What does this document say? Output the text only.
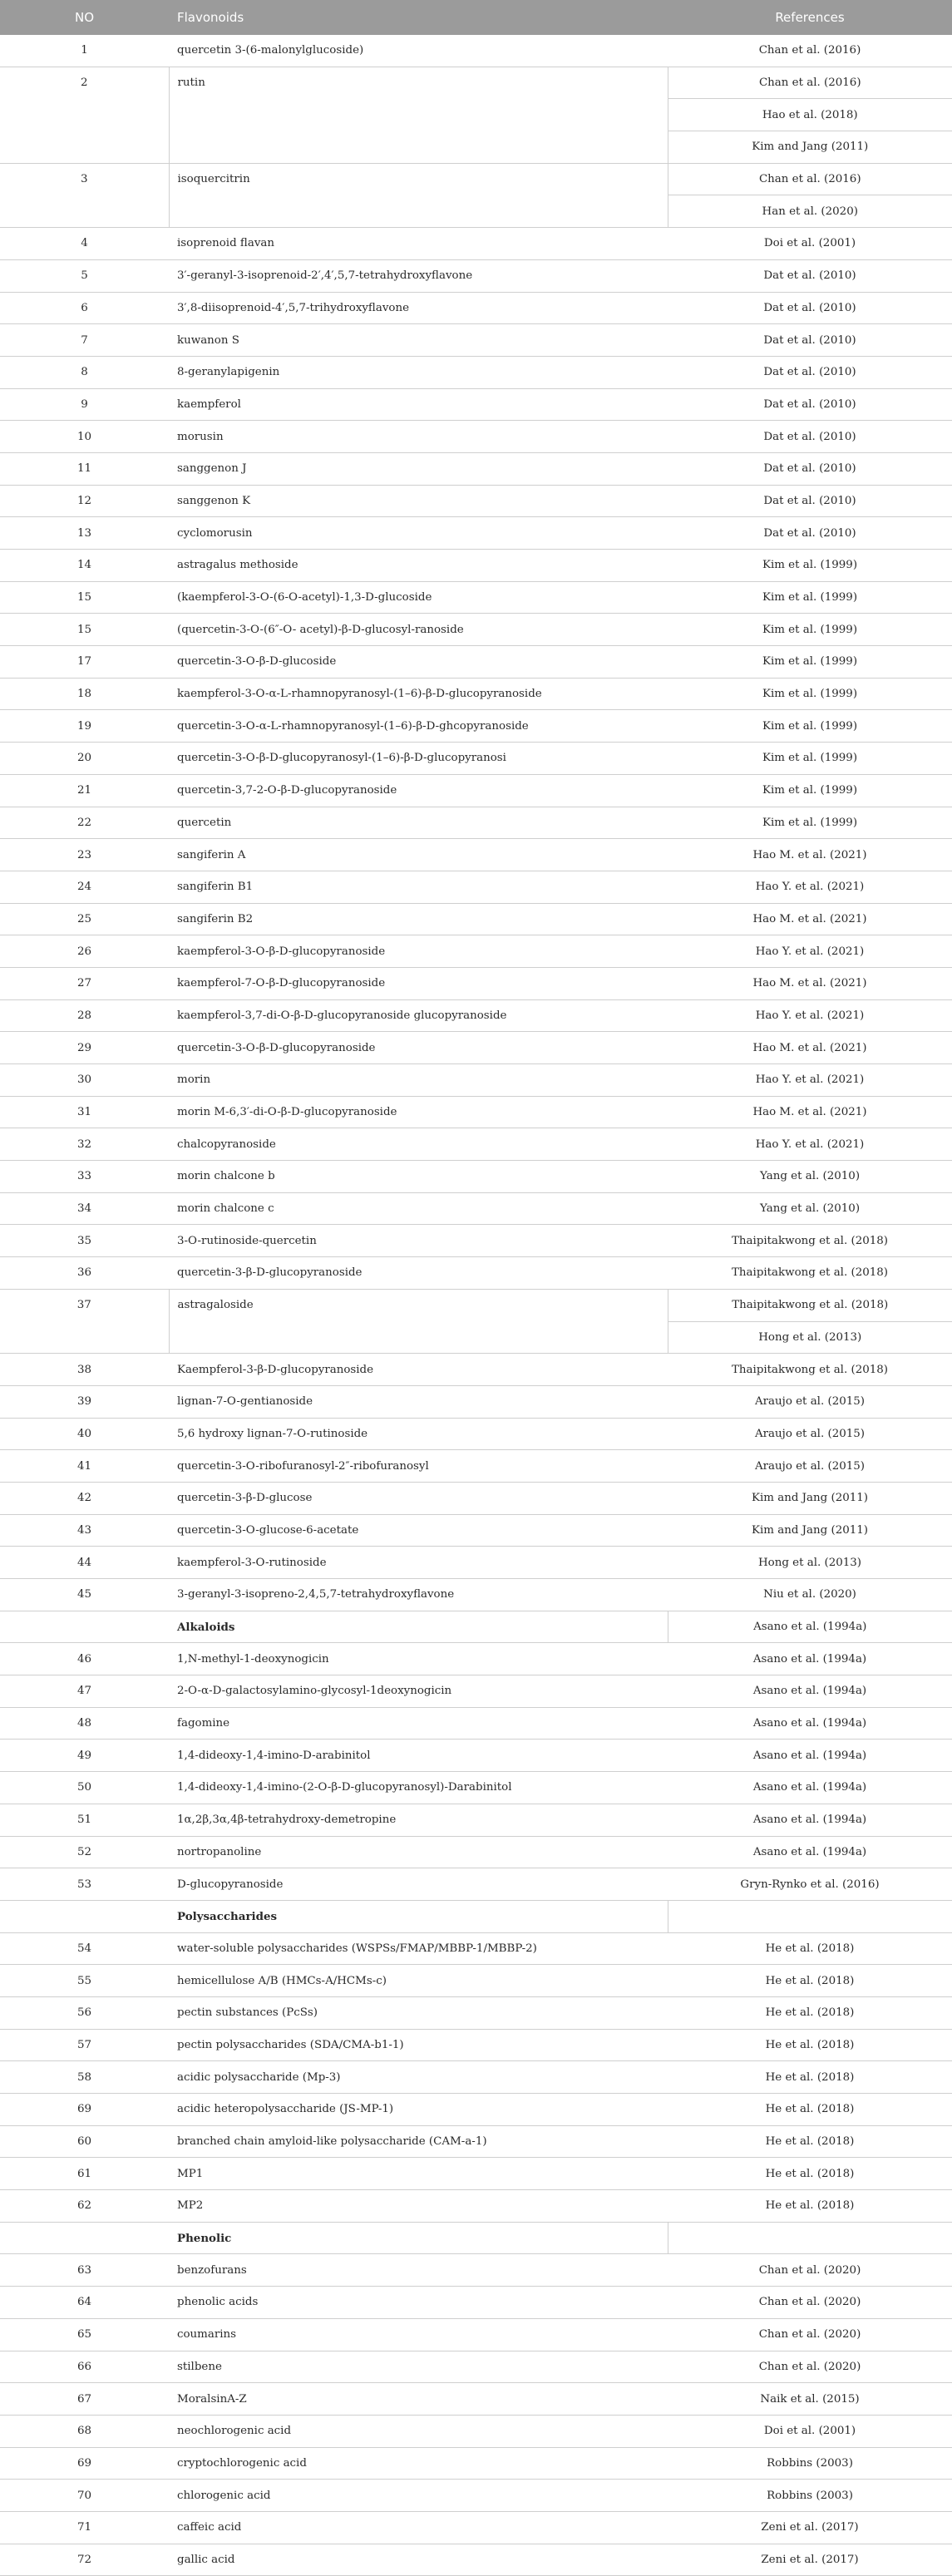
NO	Flavonoids	References
1	quercetin 3-(6-malonylglucoside)	Chan et al. (2016)
2	rutin	Chan et al. (2016)
		Hao et al. (2018)
		Kim and Jang (2011)
3	isoquercitrin	Chan et al. (2016)
		Han et al. (2020)
4	isoprenoid flavan	Doi et al. (2001)
5	3′-geranyl-3-isoprenoid-2′,4′,5,7-tetrahydroxyflavone	Dat et al. (2010)
6	3′,8-diisoprenoid-4′,5,7-trihydroxyflavone	Dat et al. (2010)
7	kuwanon S	Dat et al. (2010)
8	8-geranylapigenin	Dat et al. (2010)
9	kaempferol	Dat et al. (2010)
10	morusin	Dat et al. (2010)
11	sanggenon J	Dat et al. (2010)
12	sanggenon K	Dat et al. (2010)
13	cyclomorusin	Dat et al. (2010)
14	astragalus methoside	Kim et al. (1999)
15	(kaempferol-3-O-(6-O-acetyl)-1,3-D-glucoside	Kim et al. (1999)
15	(quercetin-3-O-(6″-O- acetyl)-β-D-glucosyl-ranoside	Kim et al. (1999)
17	quercetin-3-O-β-D-glucoside	Kim et al. (1999)
18	kaempferol-3-O-α-L-rhamnopyranosyl-(1–6)-β-D-glucopyranoside	Kim et al. (1999)
19	quercetin-3-O-α-L-rhamnopyranosyl-(1–6)-β-D-ghcopyranoside	Kim et al. (1999)
20	quercetin-3-O-β-D-glucopyranosyl-(1–6)-β-D-glucopyranosi	Kim et al. (1999)
21	quercetin-3,7-2-O-β-D-glucopyranoside	Kim et al. (1999)
22	quercetin	Kim et al. (1999)
23	sangiferin A	Hao M. et al. (2021)
24	sangiferin B1	Hao Y. et al. (2021)
25	sangiferin B2	Hao M. et al. (2021)
26	kaempferol-3-O-β-D-glucopyranoside	Hao Y. et al. (2021)
27	kaempferol-7-O-β-D-glucopyranoside	Hao M. et al. (2021)
28	kaempferol-3,7-di-O-β-D-glucopyranoside glucopyranoside	Hao Y. et al. (2021)
29	quercetin-3-O-β-D-glucopyranoside	Hao M. et al. (2021)
30	morin	Hao Y. et al. (2021)
31	morin M-6,3′-di-O-β-D-glucopyranoside	Hao M. et al. (2021)
32	chalcopyranoside	Hao Y. et al. (2021)
33	morin chalcone b	Yang et al. (2010)
34	morin chalcone c	Yang et al. (2010)
35	3-O-rutinoside-quercetin	Thaipitakwong et al. (2018)
36	quercetin-3-β-D-glucopyranoside	Thaipitakwong et al. (2018)
37	astragaloside	Thaipitakwong et al. (2018)
		Hong et al. (2013)
38	Kaempferol-3-β-D-glucopyranoside	Thaipitakwong et al. (2018)
39	lignan-7-O-gentianoside	Araujo et al. (2015)
40	5,6 hydroxy lignan-7-O-rutinoside	Araujo et al. (2015)
41	quercetin-3-O-ribofuranosyl-2″-ribofuranosyl	Araujo et al. (2015)
42	quercetin-3-β-D-glucose	Kim and Jang (2011)
43	quercetin-3-O-glucose-6-acetate	Kim and Jang (2011)
44	kaempferol-3-O-rutinoside	Hong et al. (2013)
45	3-geranyl-3-isopreno-2,4,5,7-tetrahydroxyflavone	Niu et al. (2020)
	Alkaloids	Asano et al. (1994a)
46	1,N-methyl-1-deoxynogicin	Asano et al. (1994a)
47	2-O-α-D-galactosylamino-glycosyl-1deoxynogicin	Asano et al. (1994a)
48	fagomine	Asano et al. (1994a)
49	1,4-dideoxy-1,4-imino-D-arabinitol	Asano et al. (1994a)
50	1,4-dideoxy-1,4-imino-(2-O-β-D-glucopyranosyl)-Darabinitol	Asano et al. (1994a)
51	1α,2β,3α,4β-tetrahydroxy-demetropine	Asano et al. (1994a)
52	nortropanoline	Asano et al. (1994a)
53	D-glucopyranoside	Gryn-Rynko et al. (2016)
	Polysaccharides	
54	water-soluble polysaccharides (WSPSs/FMAP/MBBP-1/MBBP-2)	He et al. (2018)
55	hemicellulose A/B (HMCs-A/HCMs-c)	He et al. (2018)
56	pectin substances (PcSs)	He et al. (2018)
57	pectin polysaccharides (SDA/CMA-b1-1)	He et al. (2018)
58	acidic polysaccharide (Mp-3)	He et al. (2018)
69	acidic heteropolysaccharide (JS-MP-1)	He et al. (2018)
60	branched chain amyloid-like polysaccharide (CAM-a-1)	He et al. (2018)
61	MP1	He et al. (2018)
62	MP2	He et al. (2018)
	Phenolic	
63	benzofurans	Chan et al. (2020)
64	phenolic acids	Chan et al. (2020)
65	coumarins	Chan et al. (2020)
66	stilbene	Chan et al. (2020)
67	MoralsinA-Z	Naik et al. (2015)
68	neochlorogenic acid	Doi et al. (2001)
69	cryptochlorogenic acid	Robbins (2003)
70	chlorogenic acid	Robbins (2003)
71	caffeic acid	Zeni et al. (2017)
72	gallic acid	Zeni et al. (2017)
